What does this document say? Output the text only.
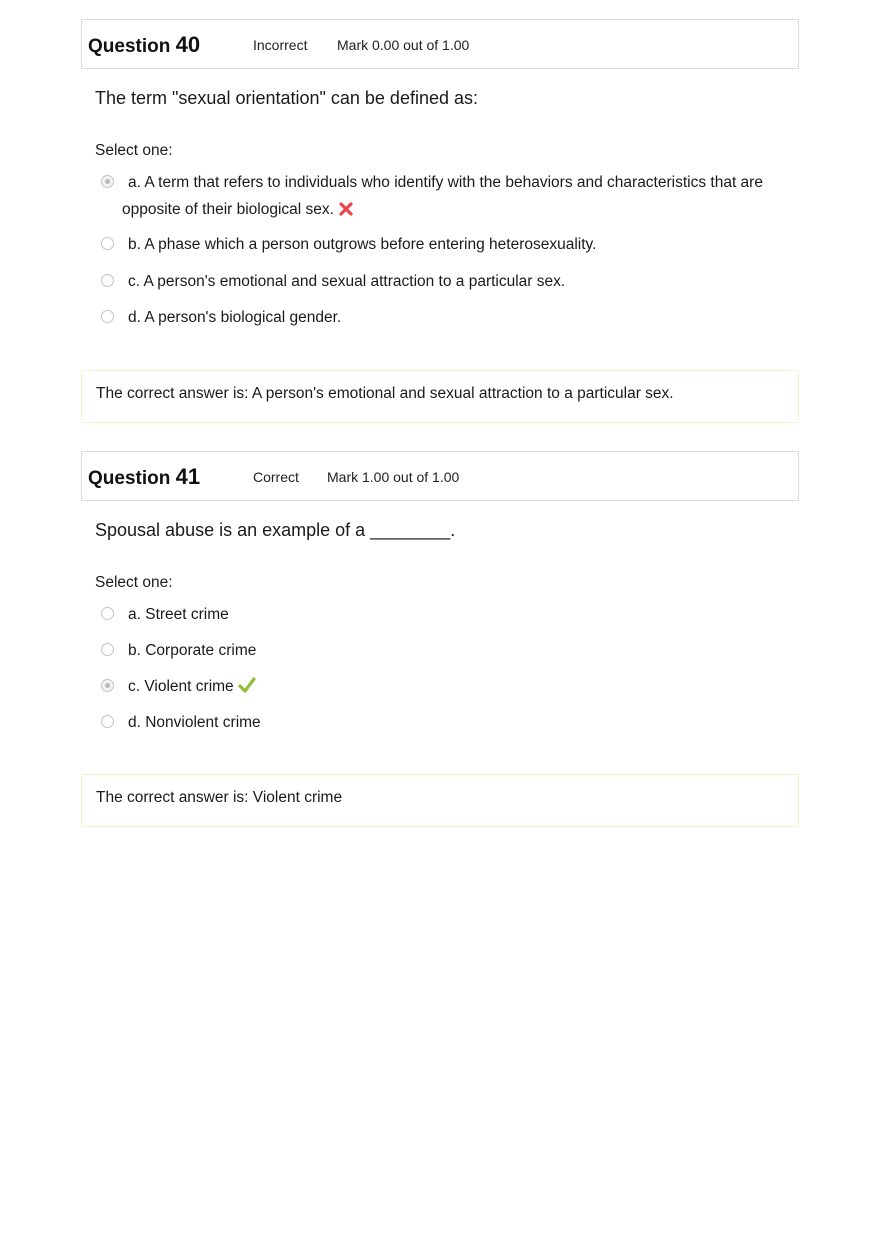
Question 40	Incorrect Mark 0.00 out of 1.00
The term "sexual orientation" can be defined as:
Select one:
a. A term that refers to individuals who identify with the behaviors and characteristics that are opposite of their biological sex.
b. A phase which a person outgrows before entering heterosexuality.
c. A person's emotional and sexual attraction to a particular sex.
d. A person's biological gender.
The correct answer is: A person's emotional and sexual attraction to a particular sex.
Question 41	Correct Mark 1.00 out of 1.00
Spousal abuse is an example of a ________.
Select one:
a. Street crime
b. Corporate crime
c. Violent crime
d. Nonviolent crime
The correct answer is: Violent crime
